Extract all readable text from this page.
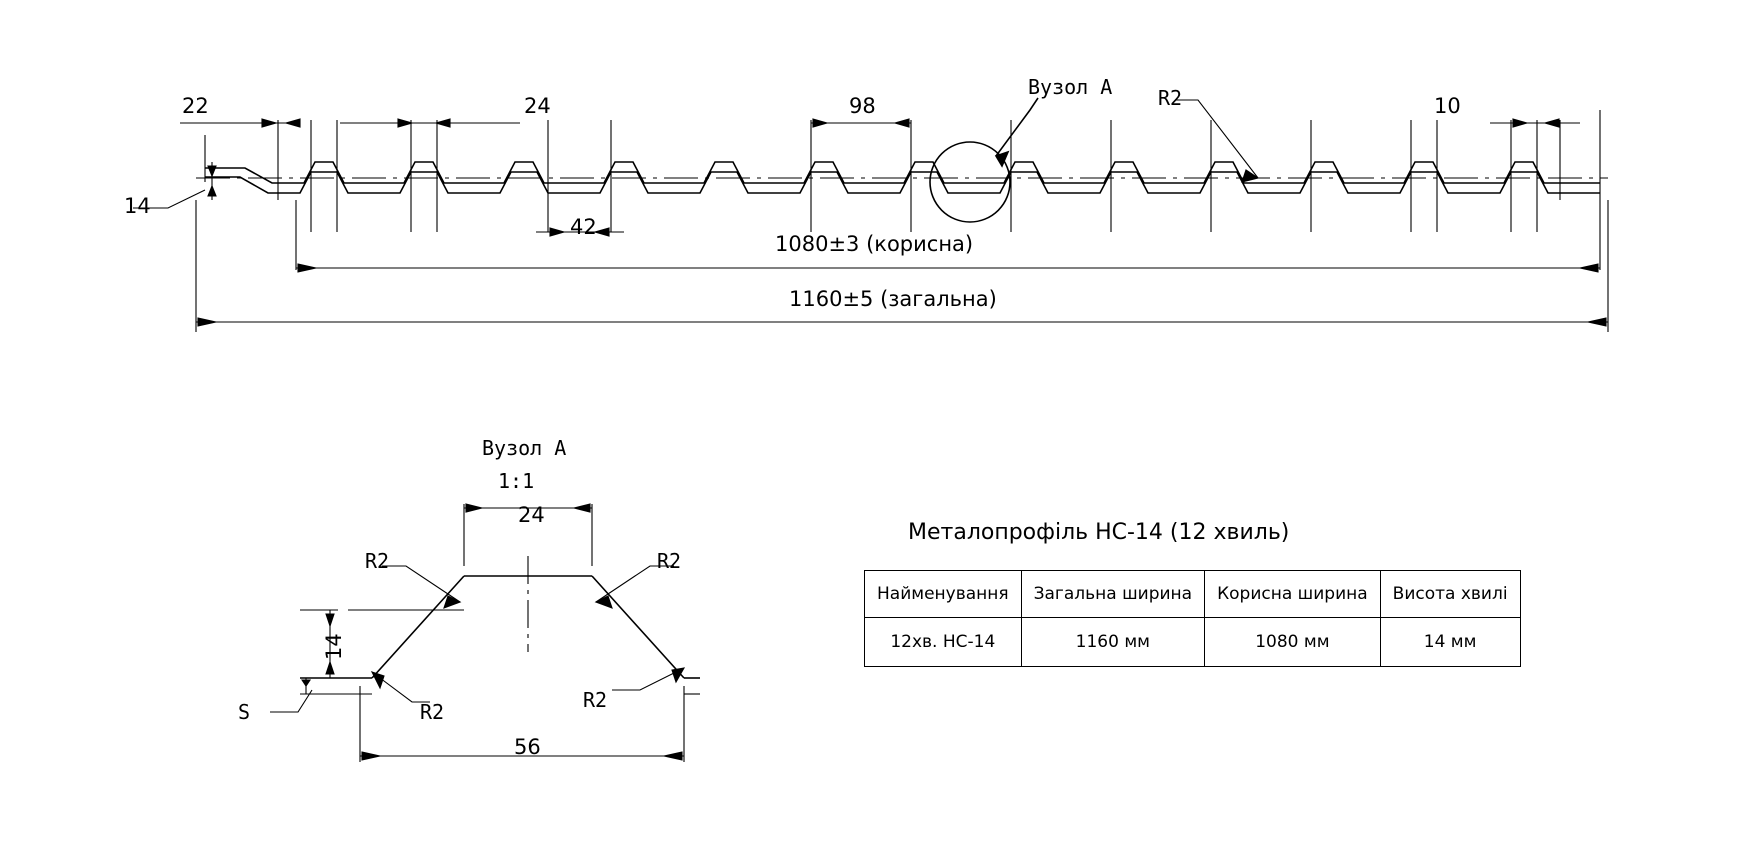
22	24	98	10
42
14
R2
Вузол A
1080±3 (корисна)
1160±5 (загальна)
Вузол A
1:1
24
56
14
S
R2	R2
R2	R2
Металопрофіль НС-14 (12 хвиль)
Найменування	Загальна ширина	Корисна ширина	Висота хвилі
12хв. НС-14	1160 мм	1080 мм	14 мм
